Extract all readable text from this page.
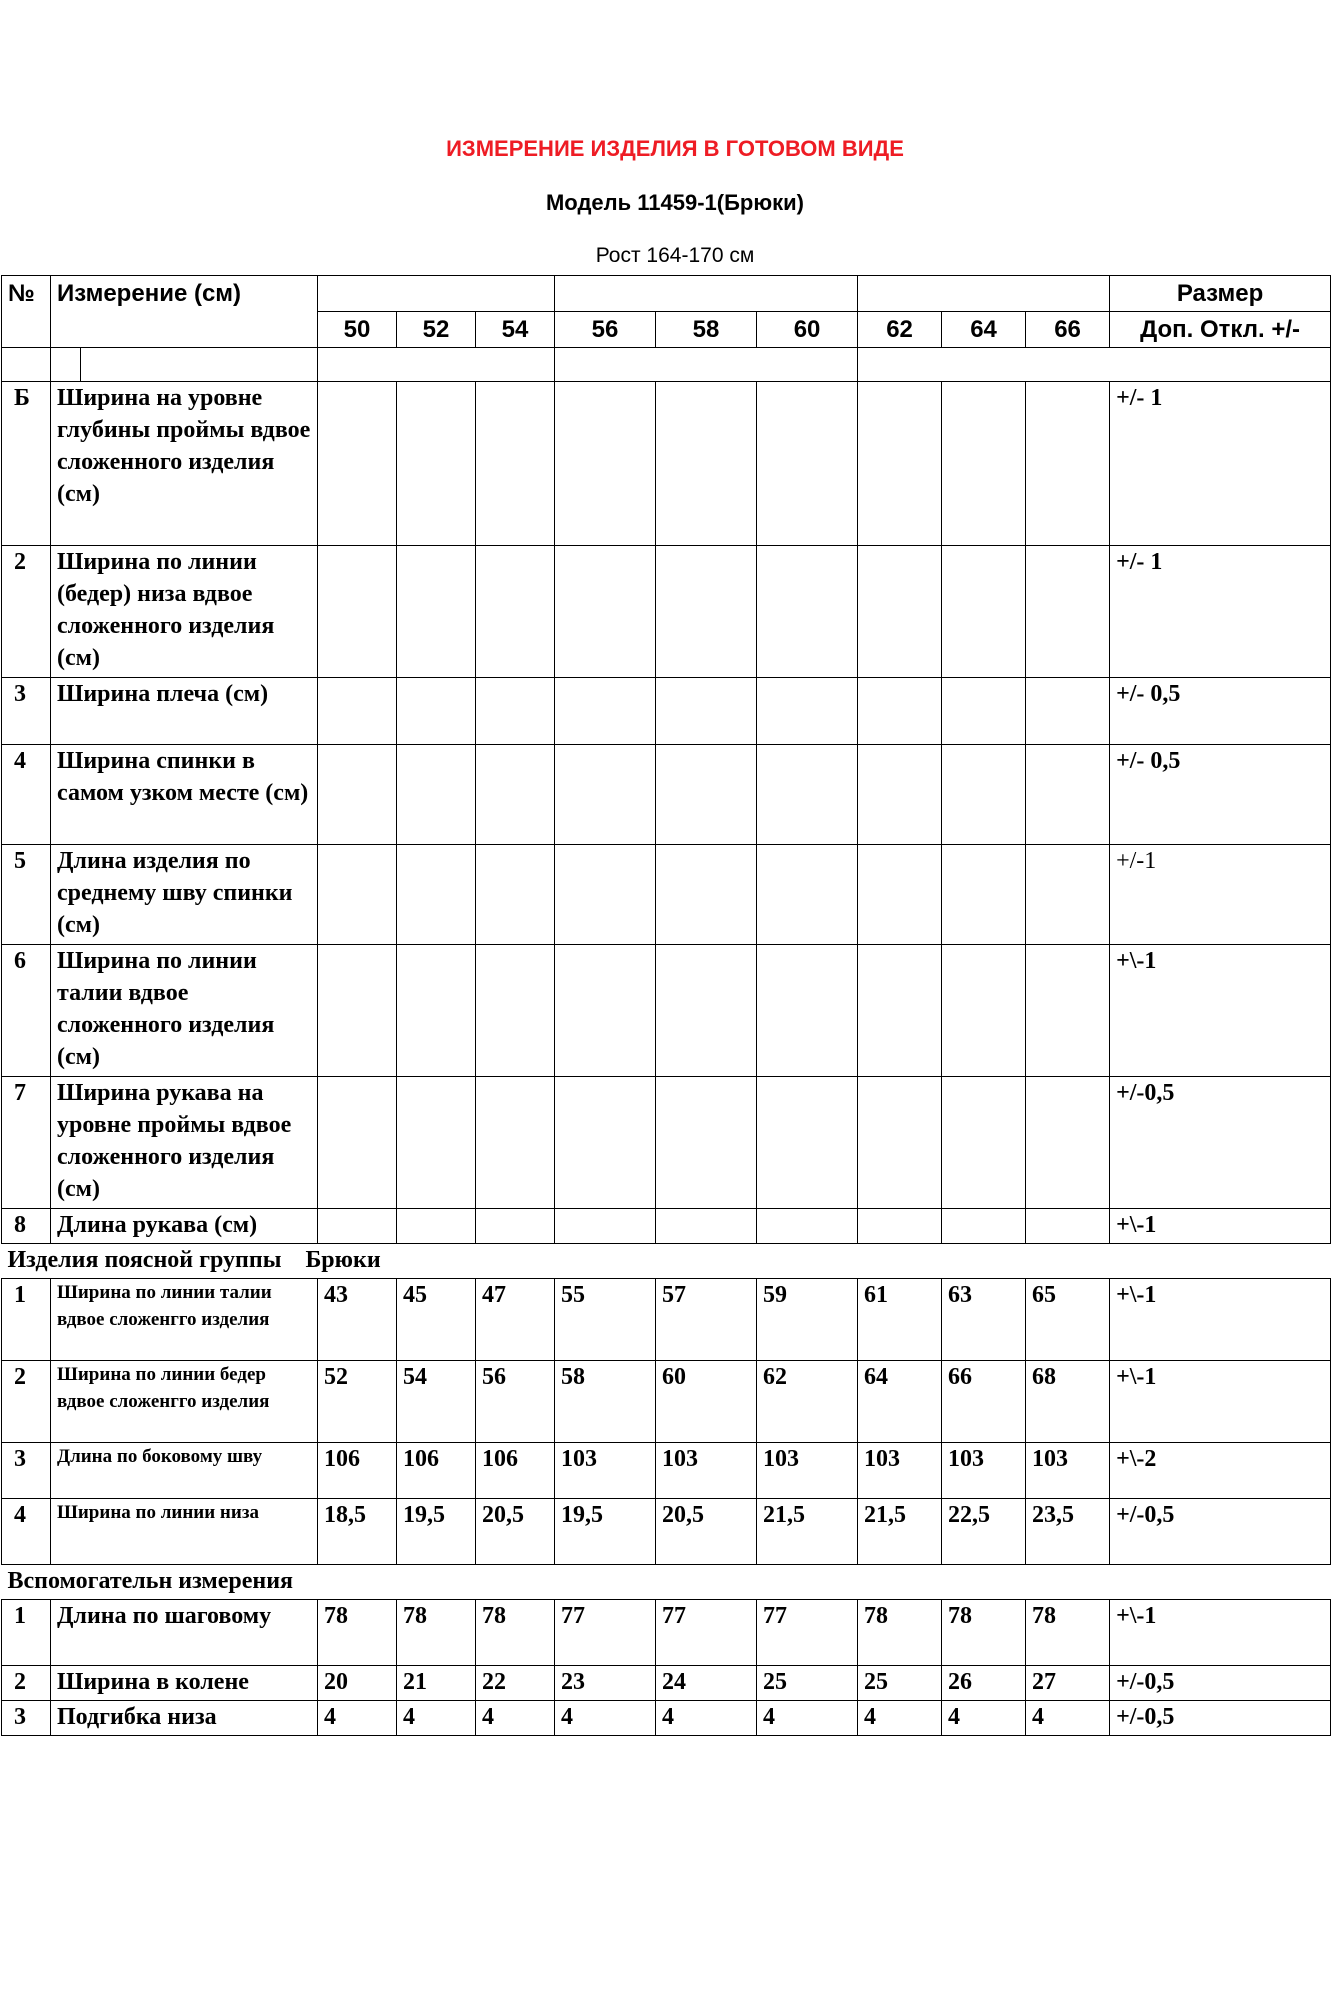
ИЗМЕРЕНИЕ ИЗДЕЛИЯ В ГОТОВОМ ВИДЕ
Модель 11459-1(Брюки)
Рост 164-170 см
№	Измерение (см)											Размер
			50	52	54	56	58	60	62	64	66	Доп. Откл. +/-

Б	Ширина на уровне глубины проймы вдвое сложенного изделия (см)											+/- 1
2	Ширина по линии (бедер) низа вдвое сложенного изделия (см)											+/- 1
3	Ширина плеча (см)											+/- 0,5
4	Ширина спинки в самом узком месте (см)											+/- 0,5
5	Длина изделия по среднему шву спинки (см)											+/-1
6	Ширина по линии талии вдвое сложенного изделия (см)											+\-1
7	Ширина рукава на уровне проймы вдвое сложенного изделия (см)											+/-0,5
8	Длина рукава (см)											+\-1
Изделия поясной группы    Брюки												
1	Ширина по линии талии вдвое сложенгго изделия		43	45	47	55	57	59	61	63	65	+\-1
2	Ширина по линии бедер вдвое сложенгго изделия		52	54	56	58	60	62	64	66	68	+\-1
3	Длина по боковому шву		106	106	106	103	103	103	103	103	103	+\-2
4	Ширина по линии низа		18,5	19,5	20,5	19,5	20,5	21,5	21,5	22,5	23,5	+/-0,5
Вспомогательн измерения												
1	Длина по шаговому		78	78	78	77	77	77	78	78	78	+\-1
2	Ширина в колене		20	21	22	23	24	25	25	26	27	+/-0,5
3	Подгибка низа		4	4	4	4	4	4	4	4	4	+/-0,5
